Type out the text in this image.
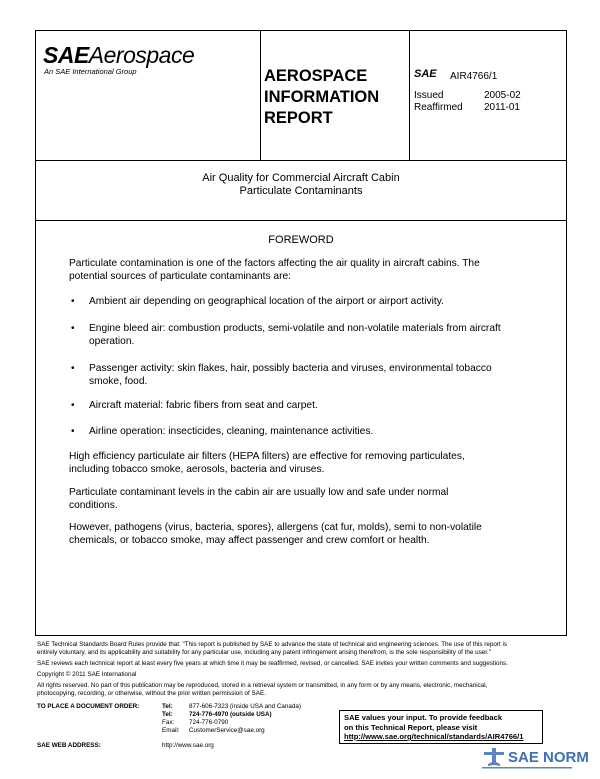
SAEAerospace
An SAE International Group	AEROSPACE
INFORMATION
REPORT
SAE AIR4766/1
Issued	2005-02
Reaffirmed 2011-01
Air Quality for Commercial Aircraft Cabin
Particulate Contaminants
FOREWORD
Particulate contamination is one of the factors affecting the air quality in aircraft cabins. The
potential sources of particulate contaminants are:
• Ambient air depending on geographical location of the airport or airport activity.
• Engine bleed air: combustion products, semi-volatile and non-volatile materials from aircraft
operation.
• Passenger activity: skin flakes, hair, possibly bacteria and viruses, environmental tobacco
smoke, food.
• Aircraft material: fabric fibers from seat and carpet.
• Airline operation: insecticides, cleaning, maintenance activities.
High efficiency particulate air filters (HEPA filters) are effective for removing particulates,
including tobacco smoke, aerosols, bacteria and viruses.
Particulate contaminant levels in the cabin air are usually low and safe under normal
conditions.
However, pathogens (virus, bacteria, spores), allergens (cat fur, molds), semi to non-volatile
chemicals, or tobacco smoke, may affect passenger and crew comfort or health.
SAE Technical Standards Board Rules provide that: "This report is published by SAE to advance the state of technical and engineering sciences. The use of this report is
entirely voluntary, and its applicability and suitability for any particular use, including any patent infringement arising therefrom, is the sole responsibility of the user."
SAE reviews each technical report at least every five years at which time it may be reaffirmed, revised, or cancelled. SAE invites your written comments and suggestions.
Copyright © 2011 SAE International
All rights reserved. No part of this publication may be reproduced, stored in a retrieval system or transmitted, in any form or by any means, electronic, mechanical,
photocopying, recording, or otherwise, without the prior written permission of SAE.
TO PLACE A DOCUMENT ORDER:	Tel:	877-606-7323 (inside USA and Canada)
Tel:	724-776-4970 (outside USA)
Fax: 724-776-0790
Email: CustomerService@sae.org
SAE WEB ADDRESS:	http://www.sae.org
SAE values your input. To provide feedback
on this Technical Report, please visit
http://www.sae.org/technical/standards/AIR4766/1
SAE NORM
